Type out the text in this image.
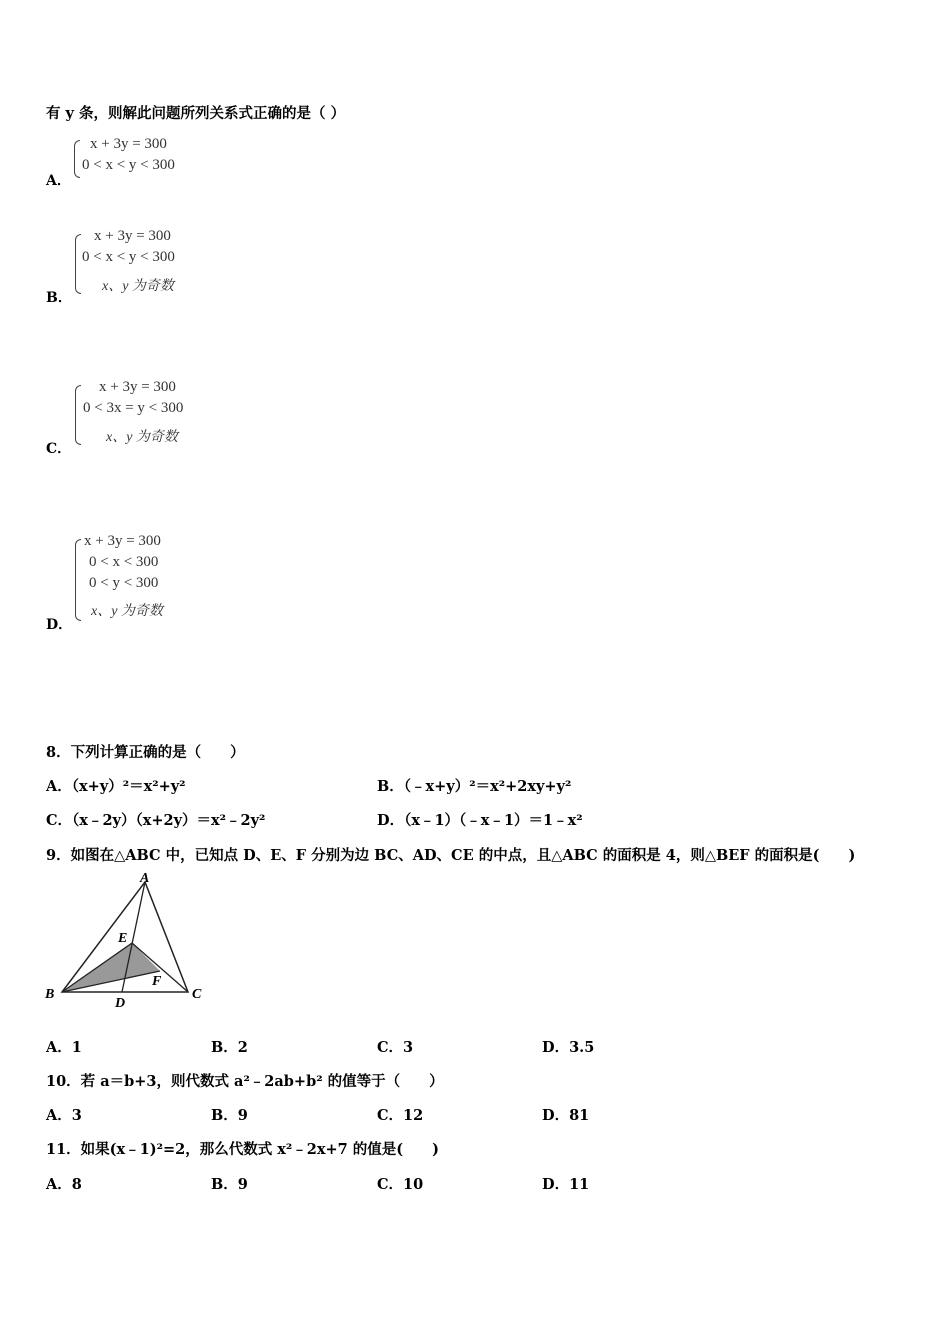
有 y 条，则解此问题所列关系式正确的是（ ）
A．
x + 3y = 300
0 < x < y < 300
B．
x + 3y = 300
0 < x < y < 300
x、y 为奇数
C．
x + 3y = 300
0 < 3x = y < 300
x、y 为奇数
D．
x + 3y = 300
0 < x < 300
0 < y < 300
x、y 为奇数
8．下列计算正确的是（　　）
A．（x+y）²＝x²+y²	B．（﹣x+y）²＝x²+2xy+y²
C．（x﹣2y）（x+2y）＝x²﹣2y²	D．（x﹣1）（﹣x﹣1）＝1﹣x²
9．如图在△ABC 中，已知点 D、E、F 分别为边 BC、AD、CE 的中点，且△ABC 的面积是 4，则△BEF 的面积是(　　)
A
B	C
D
E
F
A．1	B．2	C．3	D．3.5
10．若 a＝b+3，则代数式 a²﹣2ab+b² 的值等于（　　）
A．3	B．9	C．12	D．81
11．如果(x﹣1)²=2，那么代数式 x²﹣2x+7 的值是(　　)
A．8	B．9	C．10	D．11
